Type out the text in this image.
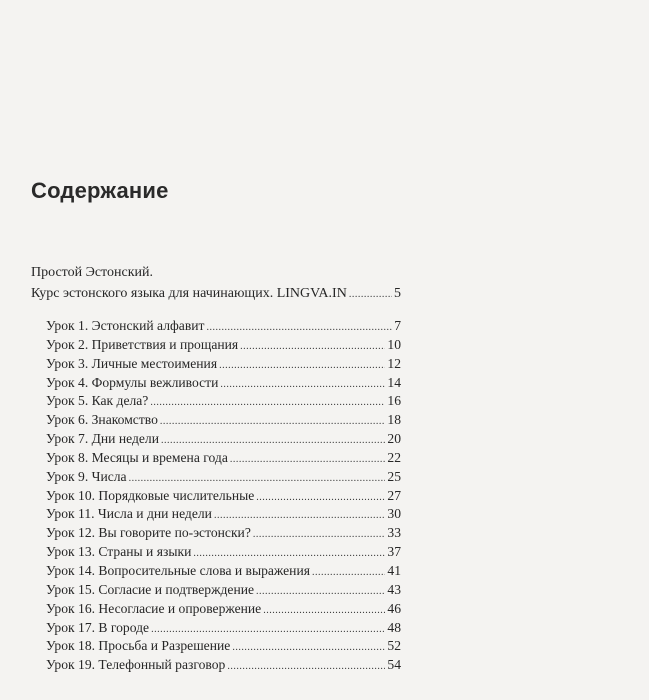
Содержание
Простой Эстонский.
Курс эстонского языка для начинающих. LINGVA.IN .....	5
Урок 1. Эстонский алфавит .....	7
Урок 2. Приветствия и прощания .....	10
Урок 3. Личные местоимения .....	12
Урок 4. Формулы вежливости .....	14
Урок 5. Как дела? .....	16
Урок 6. Знакомство .....	18
Урок 7. Дни недели .....	20
Урок 8. Месяцы и времена года .....	22
Урок 9. Числа .....	25
Урок 10. Порядковые числительные .....	27
Урок 11. Числа и дни недели .....	30
Урок 12. Вы говорите по-эстонски? .....	33
Урок 13. Страны и языки .....	37
Урок 14. Вопросительные слова и выражения .....	41
Урок 15. Согласие и подтверждение .....	43
Урок 16. Несогласие и опровержение .....	46
Урок 17. В городе .....	48
Урок 18. Просьба и Разрешение .....	52
Урок 19. Телефонный разговор .....	54
